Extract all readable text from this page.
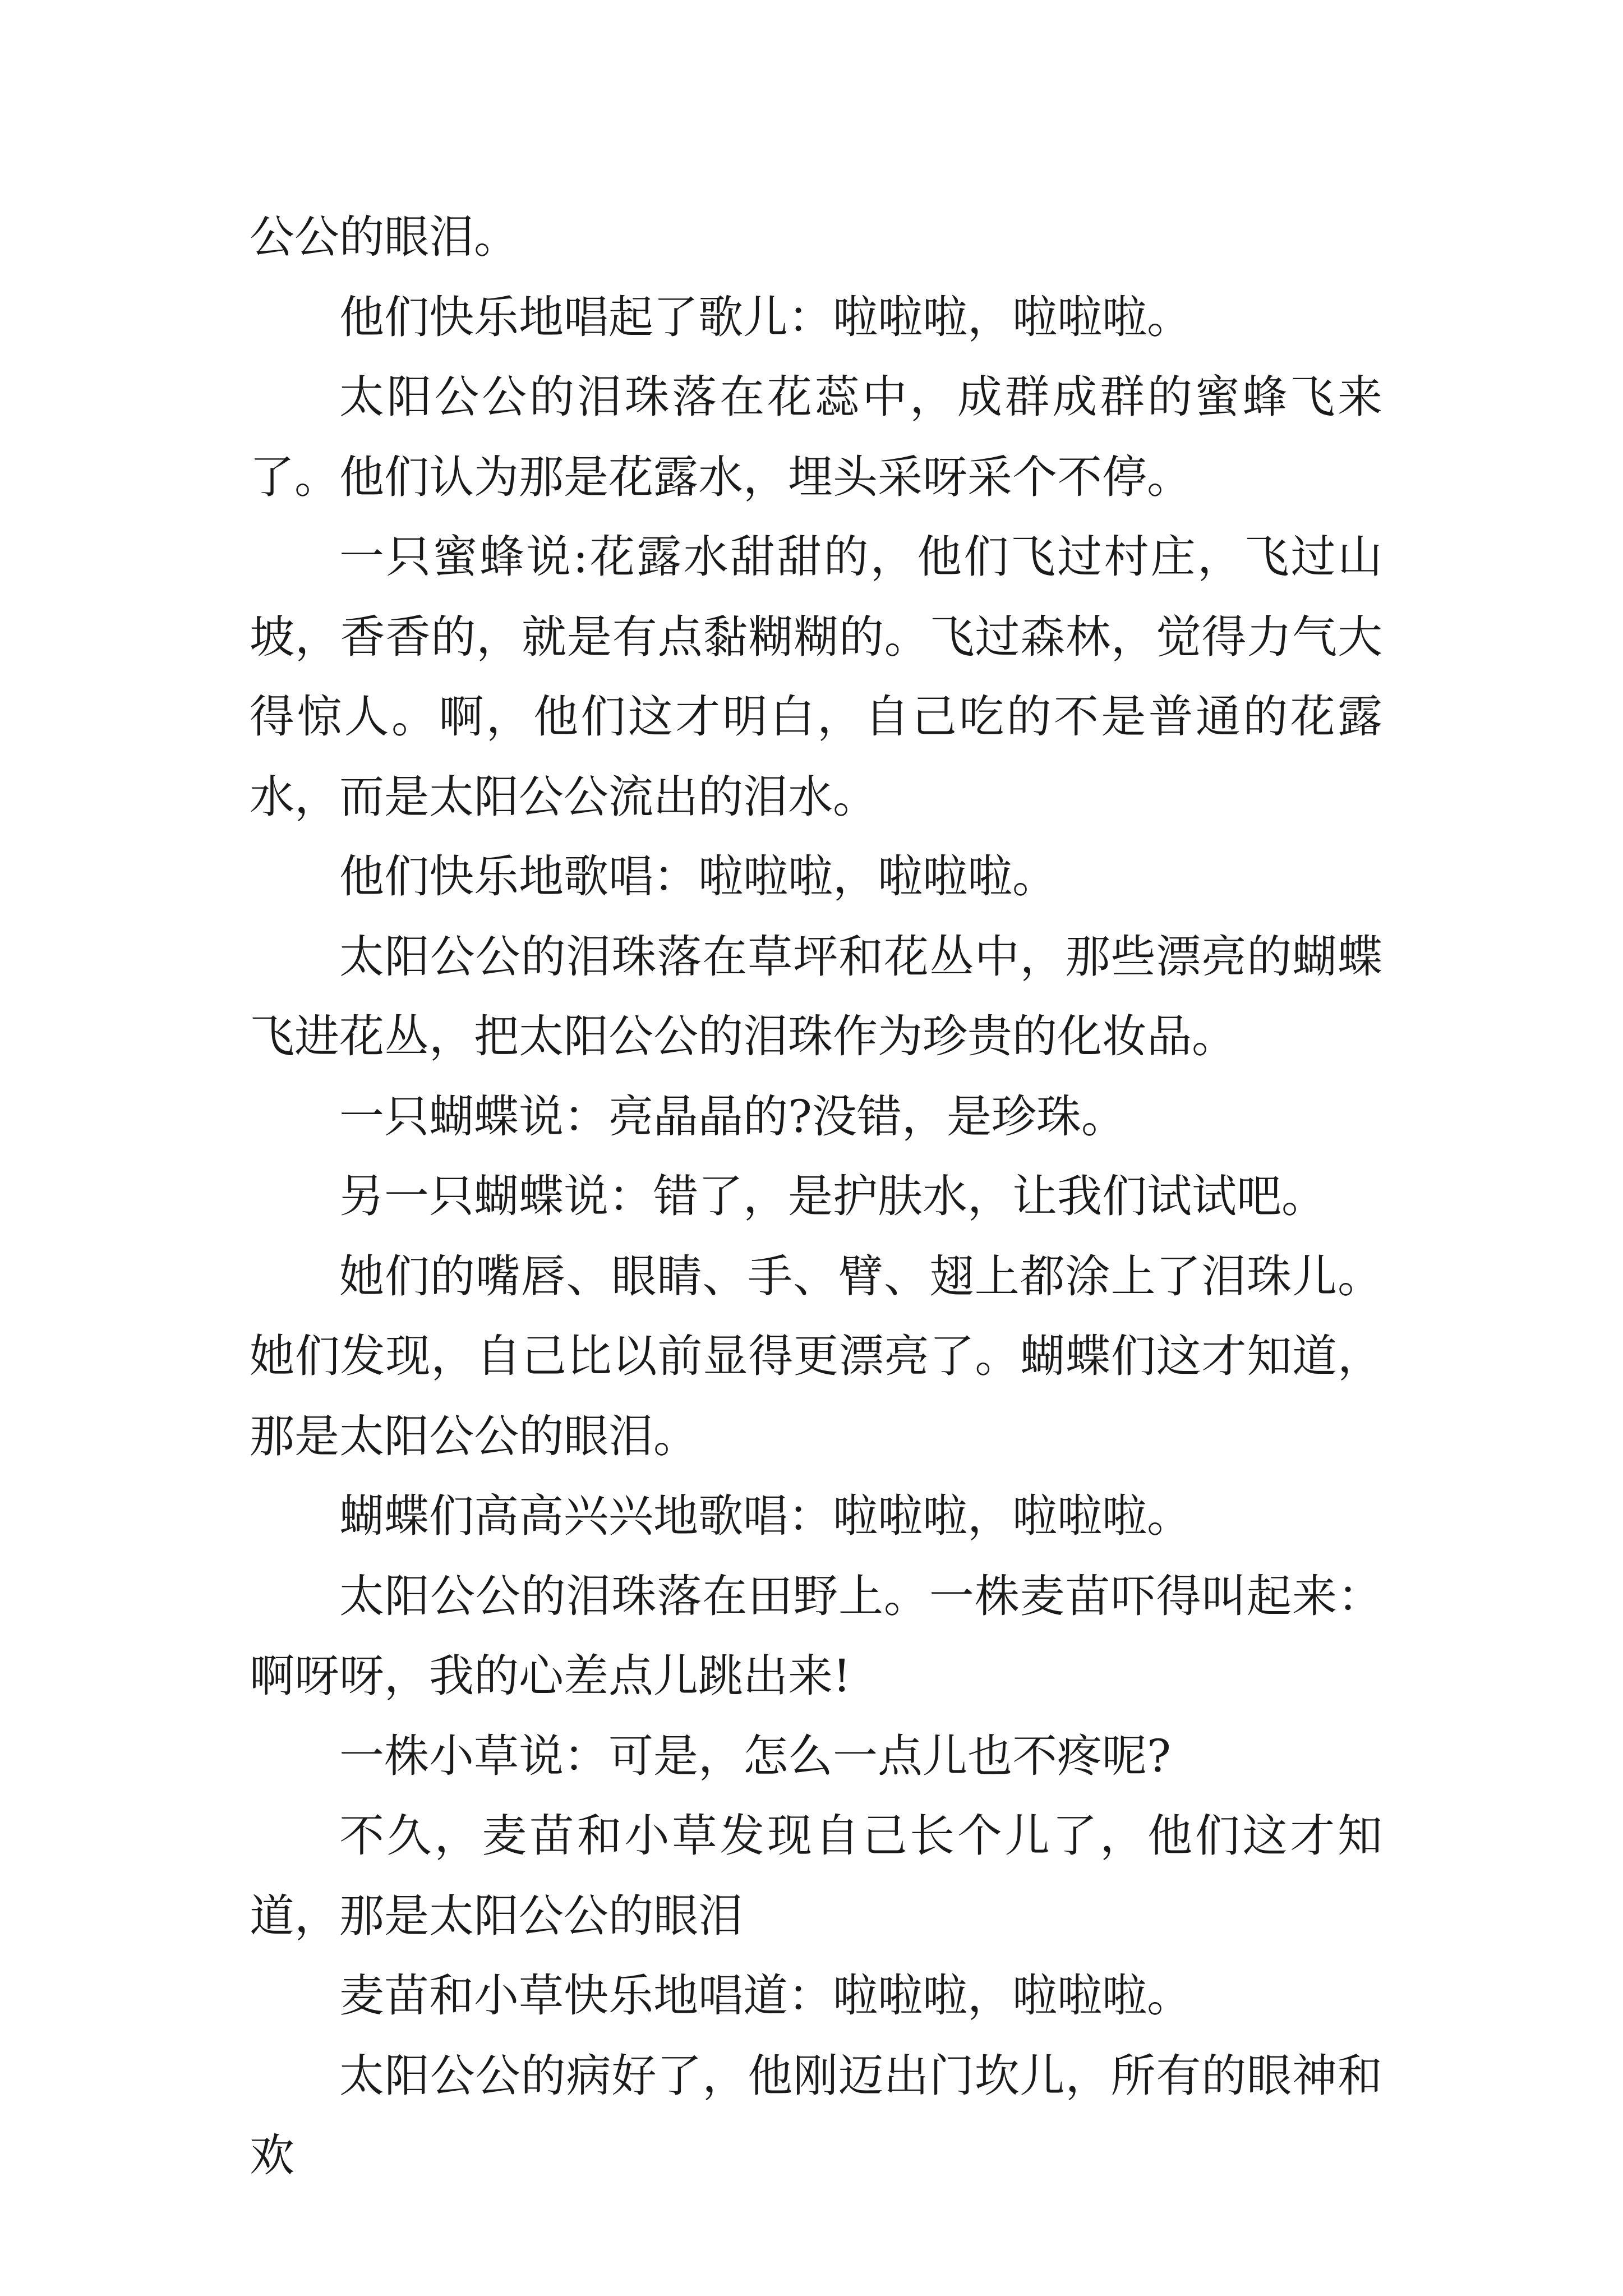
公公的眼泪。

他们快乐地唱起了歌儿：啦啦啦，啦啦啦。

太阳公公的泪珠落在花蕊中，成群成群的蜜蜂飞来了。他们认为那是花露水，埋头采呀采个不停。

一只蜜蜂说:花露水甜甜的，他们飞过村庄，飞过山坡，香香的，就是有点黏糊糊的。飞过森林，觉得力气大得惊人。啊，他们这才明白，自己吃的不是普通的花露水，而是太阳公公流出的泪水。

他们快乐地歌唱：啦啦啦，啦啦啦。

太阳公公的泪珠落在草坪和花丛中，那些漂亮的蝴蝶飞进花丛，把太阳公公的泪珠作为珍贵的化妆品。

一只蝴蝶说：亮晶晶的?没错，是珍珠。

另一只蝴蝶说：错了，是护肤水，让我们试试吧。

她们的嘴唇、眼睛、手、臂、翅上都涂上了泪珠儿。她们发现，自己比以前显得更漂亮了。蝴蝶们这才知道，那是太阳公公的眼泪。

蝴蝶们高高兴兴地歌唱：啦啦啦，啦啦啦。

太阳公公的泪珠落在田野上。一株麦苗吓得叫起来：啊呀呀，我的心差点儿跳出来!

一株小草说：可是，怎么一点儿也不疼呢?

不久，麦苗和小草发现自己长个儿了，他们这才知道，那是太阳公公的眼泪

麦苗和小草快乐地唱道：啦啦啦，啦啦啦。

太阳公公的病好了，他刚迈出门坎儿，所有的眼神和欢
